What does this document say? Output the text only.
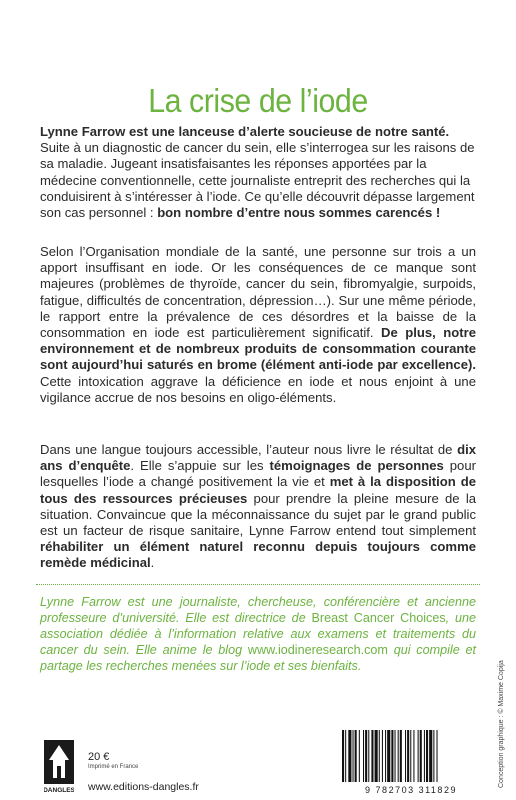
La crise de l’iode

Lynne Farrow est une lanceuse d’alerte soucieuse de notre santé. Suite à un diagnostic de cancer du sein, elle s’interrogea sur les raisons de sa maladie. Jugeant insatisfaisantes les réponses apportées par la médecine conventionnelle, cette journaliste entreprit des recherches qui la conduisirent à s’intéresser à l’iode. Ce qu’elle découvrit dépasse largement son cas personnel : bon nombre d’entre nous sommes carencés !

Selon l’Organisation mondiale de la santé, une personne sur trois a un apport insuffisant en iode. Or les conséquences de ce manque sont majeures (problèmes de thyroïde, cancer du sein, fibromyalgie, surpoids, fatigue, difficultés de concentration, dépression…). Sur une même période, le rapport entre la prévalence de ces désordres et la baisse de la consommation en iode est particulièrement significatif. De plus, notre environnement et de nombreux produits de consommation courante sont aujourd’hui saturés en brome (élément anti-iode par excellence). Cette intoxication aggrave la déficience en iode et nous enjoint à une vigilance accrue de nos besoins en oligo-éléments.

Dans une langue toujours accessible, l’auteur nous livre le résultat de dix ans d’enquête. Elle s’appuie sur les témoignages de personnes pour lesquelles l’iode a changé positivement la vie et met à la disposition de tous des ressources précieuses pour prendre la pleine mesure de la situation. Convaincue que la méconnaissance du sujet par le grand public est un facteur de risque sanitaire, Lynne Farrow entend tout simplement réhabiliter un élément naturel reconnu depuis toujours comme remède médicinal.

Lynne Farrow est une journaliste, chercheuse, conférencière et ancienne professeure d’université. Elle est directrice de Breast Cancer Choices, une association dédiée à l’information relative aux examens et traitements du cancer du sein. Elle anime le blog www.iodineresearch.com qui compile et partage les recherches menées sur l’iode et ses bienfaits.

DANGLES
20 €
Imprimé en France
www.editions-dangles.fr	9 782703 311829
Conception graphique : © Maxime Copija
